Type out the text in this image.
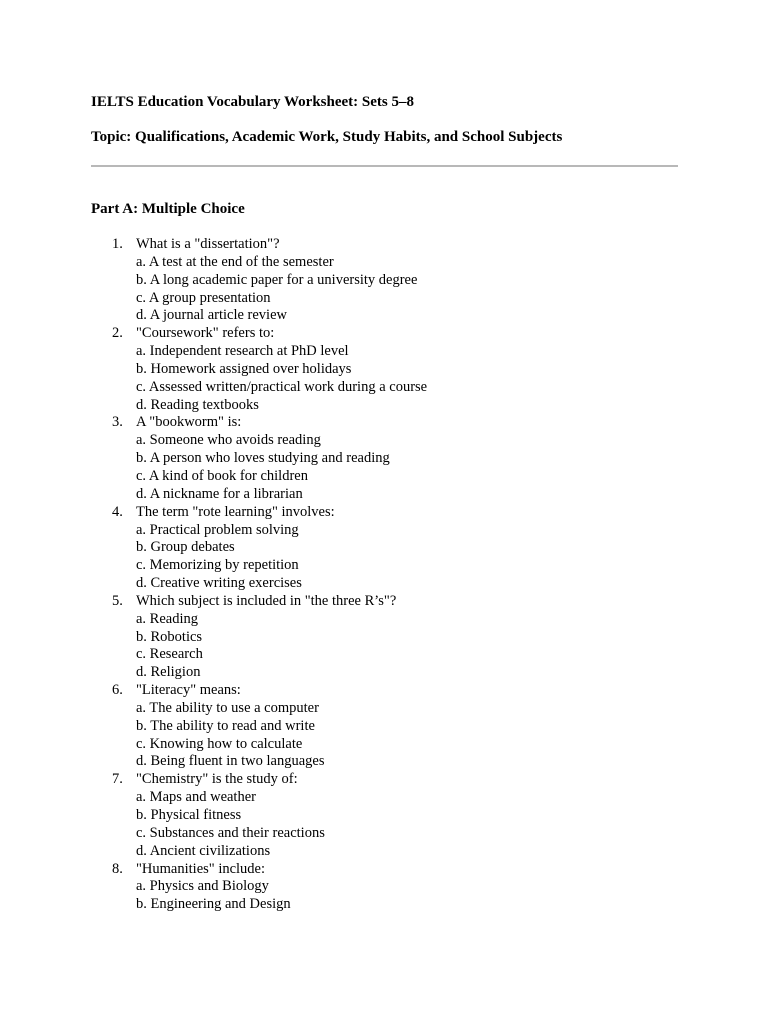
IELTS Education Vocabulary Worksheet: Sets 5–8
Topic: Qualifications, Academic Work, Study Habits, and School Subjects
Part A: Multiple Choice
1. What is a "dissertation"?
a. A test at the end of the semester
b. A long academic paper for a university degree
c. A group presentation
d. A journal article review
2. "Coursework" refers to:
a. Independent research at PhD level
b. Homework assigned over holidays
c. Assessed written/practical work during a course
d. Reading textbooks
3. A "bookworm" is:
a. Someone who avoids reading
b. A person who loves studying and reading
c. A kind of book for children
d. A nickname for a librarian
4. The term "rote learning" involves:
a. Practical problem solving
b. Group debates
c. Memorizing by repetition
d. Creative writing exercises
5. Which subject is included in "the three R’s"?
a. Reading
b. Robotics
c. Research
d. Religion
6. "Literacy" means:
a. The ability to use a computer
b. The ability to read and write
c. Knowing how to calculate
d. Being fluent in two languages
7. "Chemistry" is the study of:
a. Maps and weather
b. Physical fitness
c. Substances and their reactions
d. Ancient civilizations
8. "Humanities" include:
a. Physics and Biology
b. Engineering and Design
